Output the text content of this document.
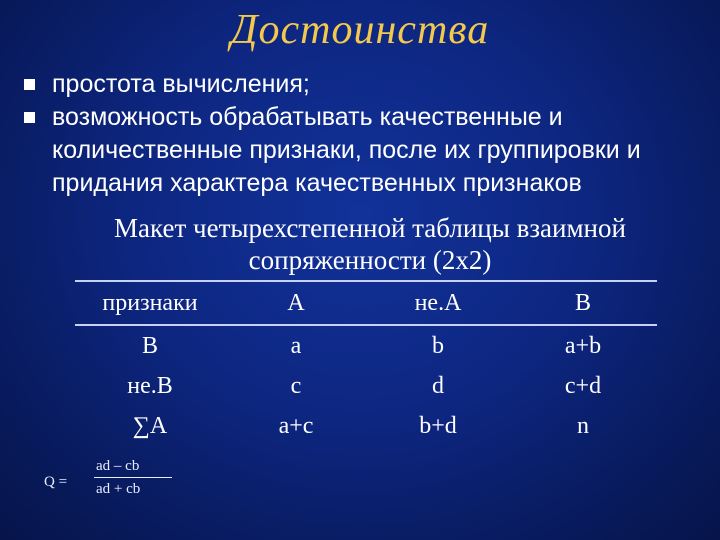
Достоинства
простота вычисления;
возможность обрабатывать качественные и количественные признаки, после их группировки и придания характера качественных признаков
Макет четырехстепенной таблицы взаимной сопряженности (2х2)
признаки	А	не.А	В
В	a	b	a+b
не.В	c	d	c+d
∑А	a+c	b+d	n
Q =
ad – cb
ad + cb
